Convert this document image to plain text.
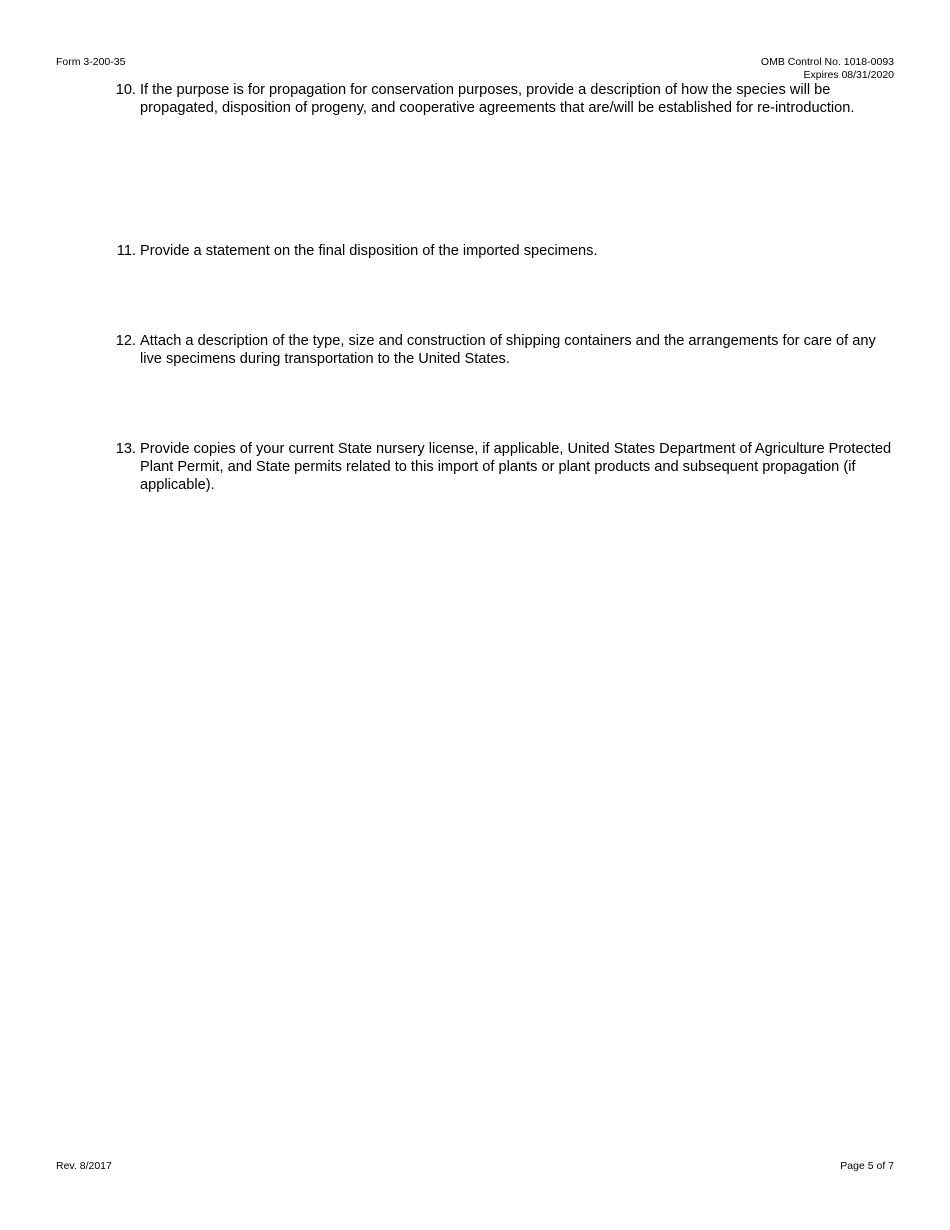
Form 3-200-35	OMB Control No. 1018-0093
Expires 08/31/2020
10. If the purpose is for propagation for conservation purposes, provide a description of how the species will be propagated, disposition of progeny, and cooperative agreements that are/will be established for re-introduction.
11. Provide a statement on the final disposition of the imported specimens.
12. Attach a description of the type, size and construction of shipping containers and the arrangements for care of any live specimens during transportation to the United States.
13. Provide copies of your current State nursery license, if applicable, United States Department of Agriculture Protected Plant Permit, and State permits related to this import of plants or plant products and subsequent propagation (if applicable).
Rev. 8/2017	Page 5 of 7
